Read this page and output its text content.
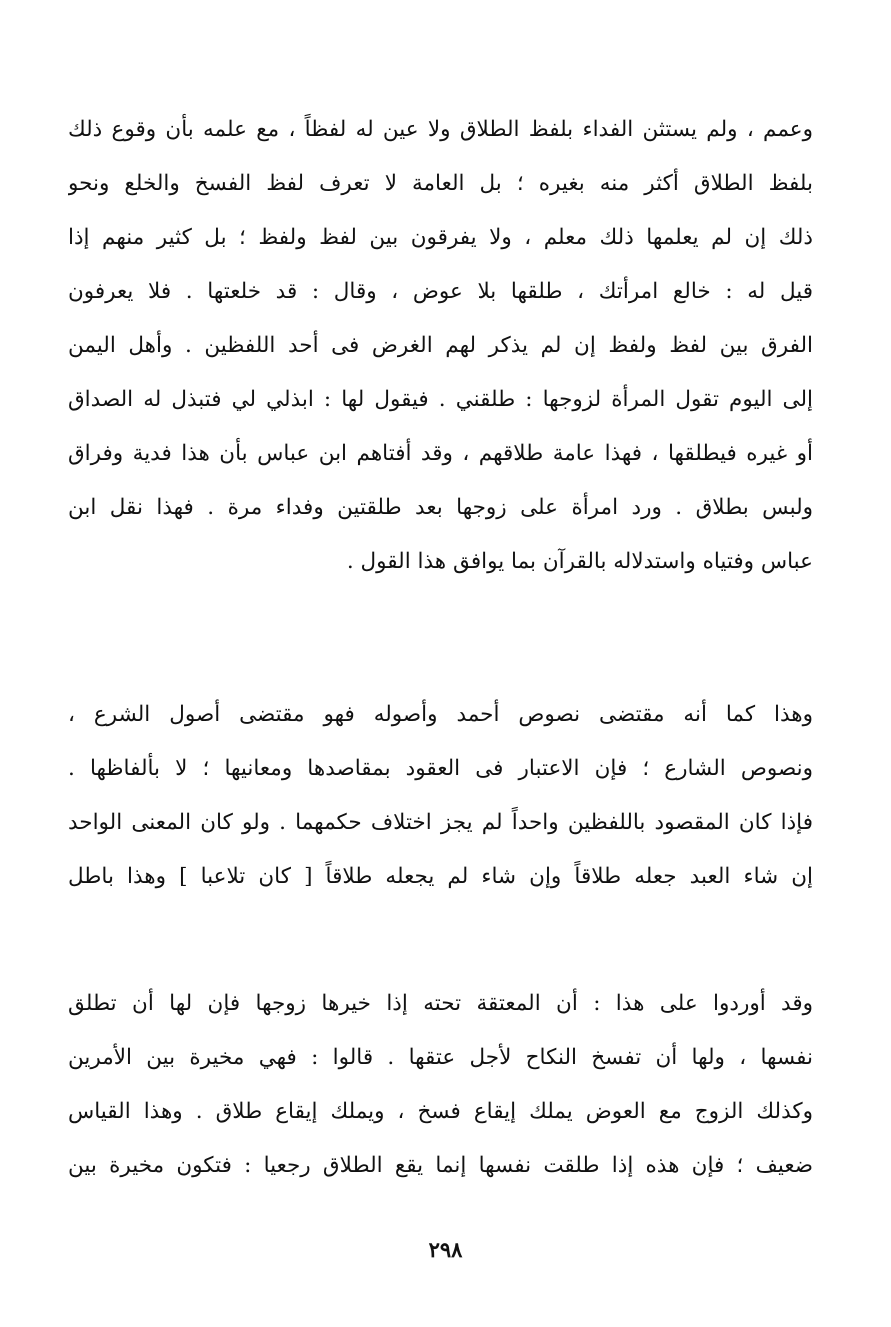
وعمم ، ولم يستثن الفداء بلفظ الطلاق ولا عين له لفظاً ، مع علمه بأن وقوع ذلك
بلفظ الطلاق أكثر منه بغيره ؛ بل العامة لا تعرف لفظ الفسخ والخلع ونحو
ذلك إن لم يعلمها ذلك معلم ، ولا يفرقون بين لفظ ولفظ ؛ بل كثير منهم إذا
قيل له : خالع امرأتك ، طلقها بلا عوض ، وقال : قد خلعتها . فلا يعرفون
الفرق بين لفظ ولفظ إن لم يذكر لهم الغرض فى أحد اللفظين . وأهل اليمن
إلى اليوم تقول المرأة لزوجها : طلقني . فيقول لها : ابذلي لي فتبذل له الصداق
أو غيره فيطلقها ، فهذا عامة طلاقهم ، وقد أفتاهم ابن عباس بأن هذا فدية وفراق
ولبس بطلاق . ورد امرأة على زوجها بعد طلقتين وفداء مرة . فهذا نقل ابن
عباس وفتياه واستدلاله بالقرآن بما يوافق هذا القول .
وهذا كما أنه مقتضى نصوص أحمد وأصوله فهو مقتضى أصول الشرع ،
ونصوص الشارع ؛ فإن الاعتبار فى العقود بمقاصدها ومعانيها ؛ لا بألفاظها .
فإذا كان المقصود باللفظين واحداً لم يجز اختلاف حكمهما . ولو كان المعنى الواحد
إن شاء العبد جعله طلاقاً وإن شاء لم يجعله طلاقاً [ كان تلاعبا ] وهذا باطل
وقد أوردوا على هذا : أن المعتقة تحته إذا خيرها زوجها فإن لها أن تطلق
نفسها ، ولها أن تفسخ النكاح لأجل عتقها . قالوا : فهي مخيرة بين الأمرين
وكذلك الزوج مع العوض يملك إيقاع فسخ ، ويملك إيقاع طلاق . وهذا القياس
ضعيف ؛ فإن هذه إذا طلقت نفسها إنما يقع الطلاق رجعيا : فتكون مخيرة بين
٢٩٨
